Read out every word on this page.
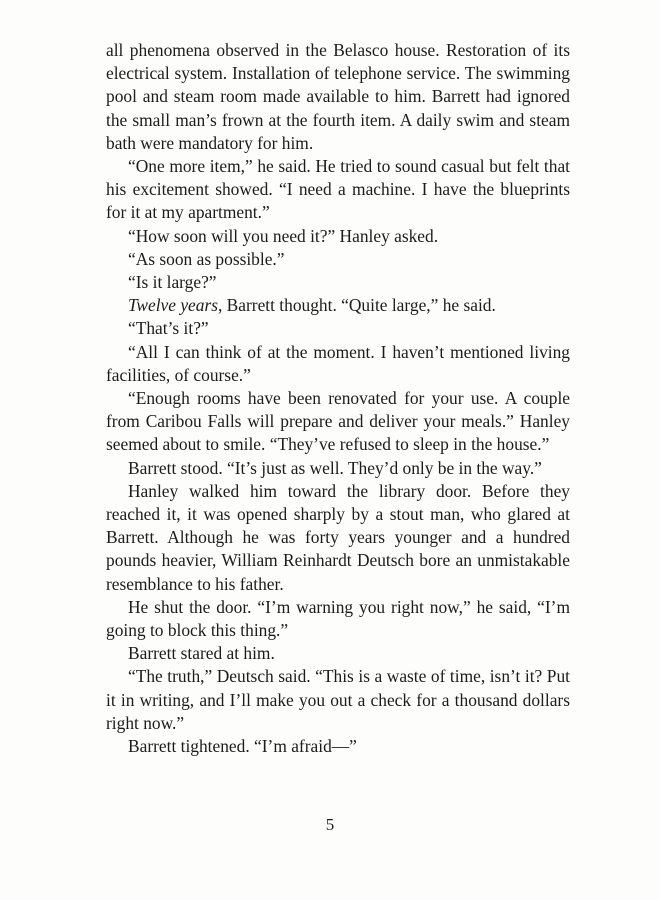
all phenomena observed in the Belasco house. Restoration of its electrical system. Installation of telephone service. The swimming pool and steam room made available to him. Barrett had ignored the small man’s frown at the fourth item. A daily swim and steam bath were mandatory for him.

“One more item,” he said. He tried to sound casual but felt that his excitement showed. “I need a machine. I have the blueprints for it at my apartment.”

“How soon will you need it?” Hanley asked.

“As soon as possible.”

“Is it large?”

Twelve years, Barrett thought. “Quite large,” he said.

“That’s it?”

“All I can think of at the moment. I haven’t mentioned living facilities, of course.”

“Enough rooms have been renovated for your use. A couple from Caribou Falls will prepare and deliver your meals.” Hanley seemed about to smile. “They’ve refused to sleep in the house.”

Barrett stood. “It’s just as well. They’d only be in the way.”

Hanley walked him toward the library door. Before they reached it, it was opened sharply by a stout man, who glared at Barrett. Although he was forty years younger and a hundred pounds heavier, William Reinhardt Deutsch bore an unmistakable resemblance to his father.

He shut the door. “I’m warning you right now,” he said, “I’m going to block this thing.”

Barrett stared at him.

“The truth,” Deutsch said. “This is a waste of time, isn’t it? Put it in writing, and I’ll make you out a check for a thousand dollars right now.”

Barrett tightened. “I’m afraid—”

5
